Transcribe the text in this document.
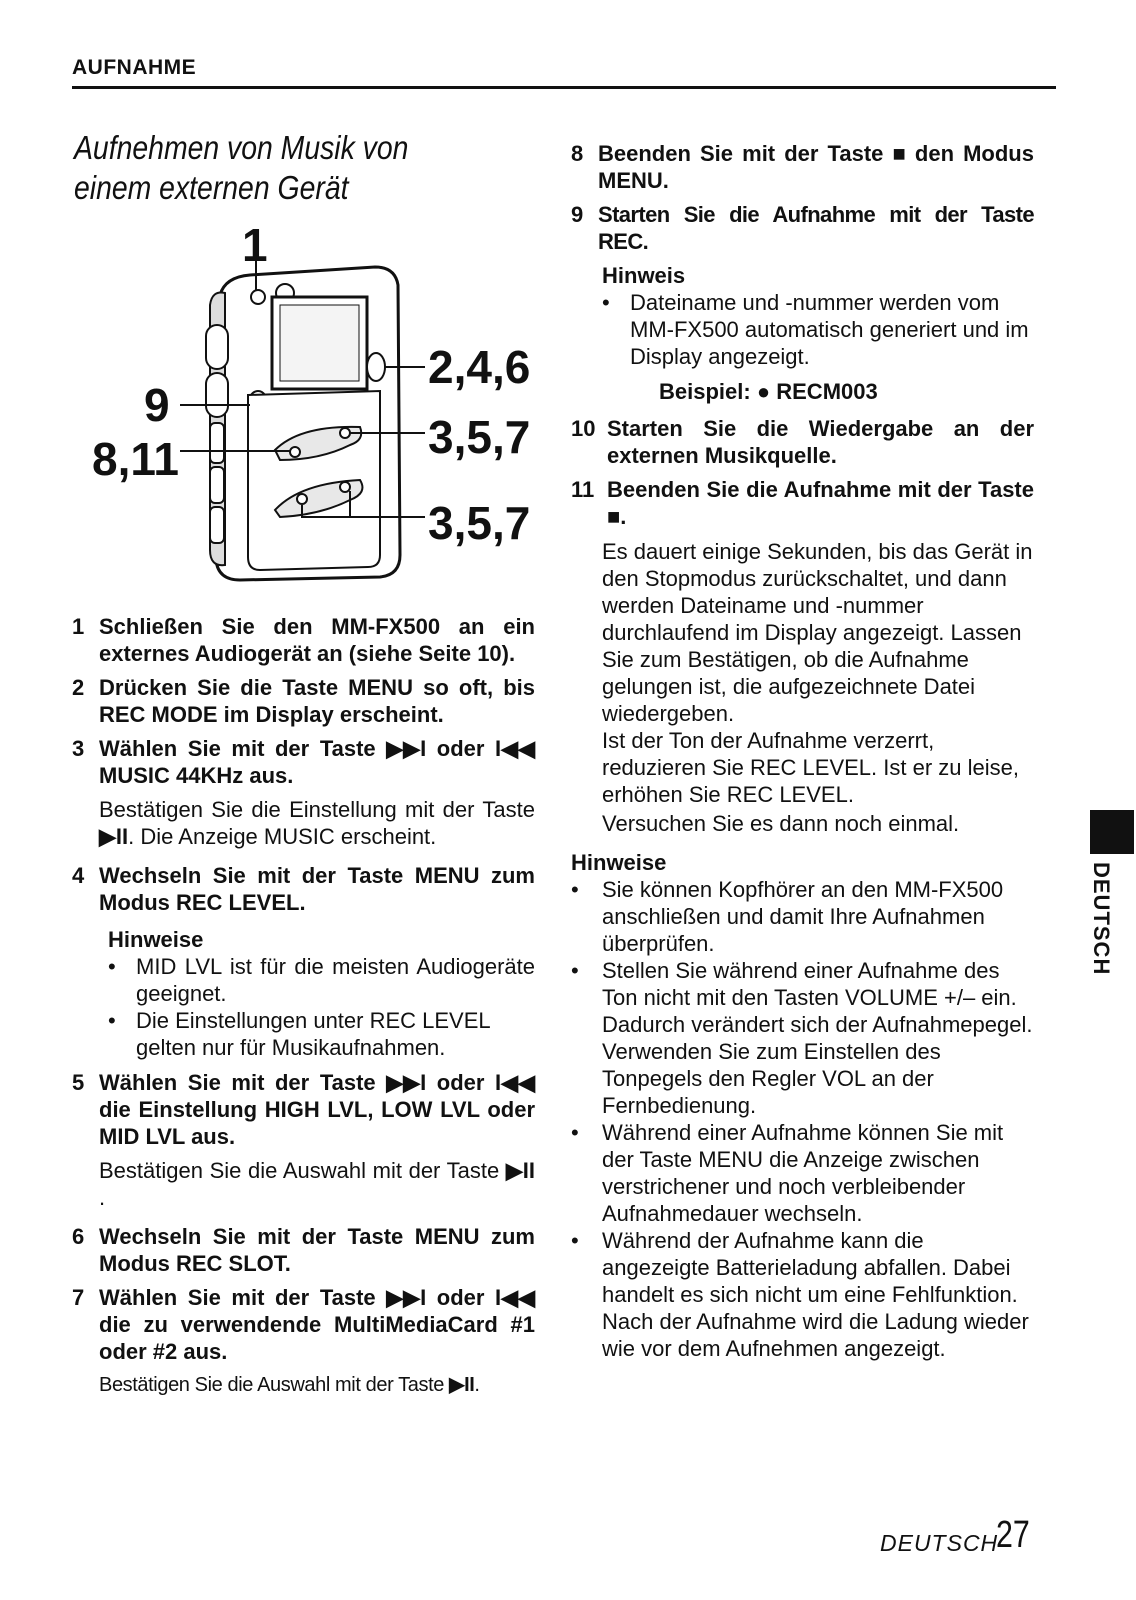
AUFNAHME
Aufnehmen von Musik von einem externen Gerät
1
9
8,11
2,4,6
3,5,7
3,5,7
1 Schließen Sie den MM-FX500 an ein externes Audiogerät an (siehe Seite 10).
2 Drücken Sie die Taste MENU so oft, bis REC MODE im Display erscheint.
3 Wählen Sie mit der Taste ▶▶I oder I◀◀ MUSIC 44KHz aus.
Bestätigen Sie die Einstellung mit der Taste ▶II. Die Anzeige MUSIC erscheint.
4 Wechseln Sie mit der Taste MENU zum Modus REC LEVEL.
Hinweise
• MID LVL ist für die meisten Audiogeräte geeignet.
• Die Einstellungen unter REC LEVEL gelten nur für Musikaufnahmen.
5 Wählen Sie mit der Taste ▶▶I oder I◀◀ die Einstellung HIGH LVL, LOW LVL oder MID LVL aus.
Bestätigen Sie die Auswahl mit der Taste ▶II.
6 Wechseln Sie mit der Taste MENU zum Modus REC SLOT.
7 Wählen Sie mit der Taste ▶▶I oder I◀◀ die zu verwendende MultiMediaCard #1 oder #2 aus.
Bestätigen Sie die Auswahl mit der Taste ▶II.
8 Beenden Sie mit der Taste ■ den Modus MENU.
9 Starten Sie die Aufnahme mit der Taste REC.
Hinweis
• Dateiname und -nummer werden vom MM-FX500 automatisch generiert und im Display angezeigt.
Beispiel: ● RECM003
10 Starten Sie die Wiedergabe an der externen Musikquelle.
11 Beenden Sie die Aufnahme mit der Taste ■.
Es dauert einige Sekunden, bis das Gerät in den Stopmodus zurückschaltet, und dann werden Dateiname und -nummer durchlaufend im Display angezeigt. Lassen Sie zum Bestätigen, ob die Aufnahme gelungen ist, die aufgezeichnete Datei wiedergeben.
Ist der Ton der Aufnahme verzerrt, reduzieren Sie REC LEVEL. Ist er zu leise, erhöhen Sie REC LEVEL.
Versuchen Sie es dann noch einmal.
Hinweise
• Sie können Kopfhörer an den MM-FX500 anschließen und damit Ihre Aufnahmen überprüfen.
• Stellen Sie während einer Aufnahme des Ton nicht mit den Tasten VOLUME +/– ein. Dadurch verändert sich der Aufnahmepegel. Verwenden Sie zum Einstellen des Tonpegels den Regler VOL an der Fernbedienung.
• Während einer Aufnahme können Sie mit der Taste MENU die Anzeige zwischen verstrichener und noch verbleibender Aufnahmedauer wechseln.
• Während der Aufnahme kann die angezeigte Batterieladung abfallen. Dabei handelt es sich nicht um eine Fehlfunktion. Nach der Aufnahme wird die Ladung wieder wie vor dem Aufnehmen angezeigt.
DEUTSCH
DEUTSCH
27
